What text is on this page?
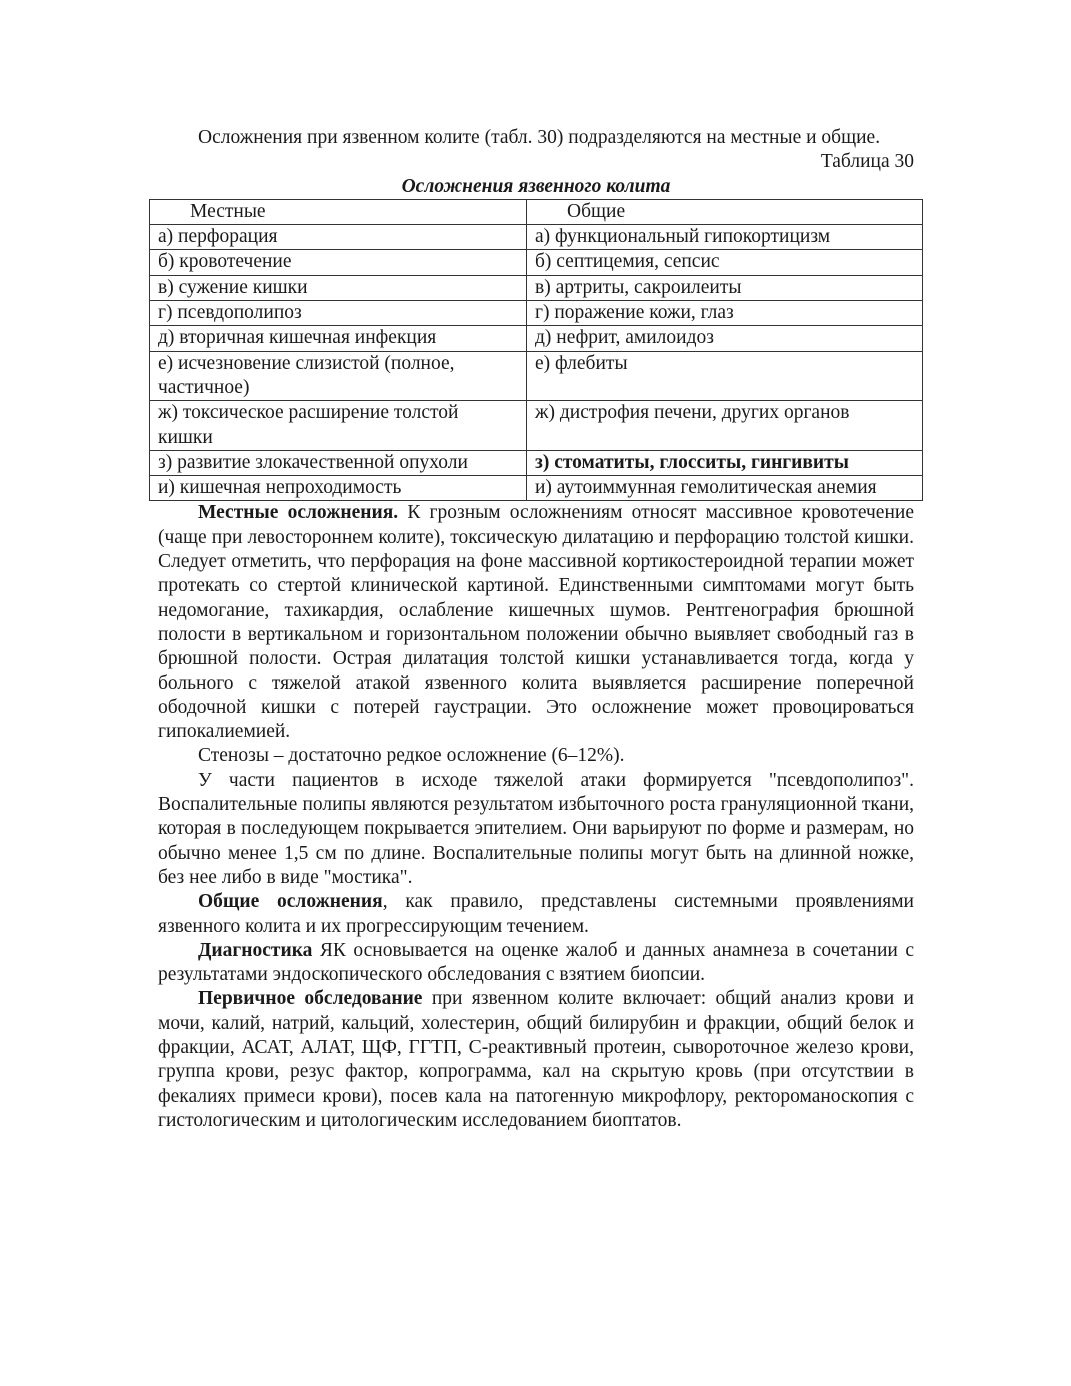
Осложнения при язвенном колите (табл. 30) подразделяются на местные и общие.

Таблица 30
Осложнения язвенного колита
Местные	Общие
а) перфорация	а) функциональный гипокортицизм
б) кровотечение	б) септицемия, сепсис
в) сужение кишки	в) артриты, сакроилеиты
г) псевдополипоз	г) поражение кожи, глаз
д) вторичная кишечная инфекция	д) нефрит, амилоидоз
е) исчезновение слизистой (полное, частичное)	е) флебиты
ж) токсическое расширение толстой кишки	ж) дистрофия печени, других органов
з) развитие злокачественной опухоли	з) стоматиты, глосситы, гингивиты
и) кишечная непроходимость	и) аутоиммунная гемолитическая анемия

Местные осложнения. К грозным осложнениям относят массивное кровотечение (чаще при левостороннем колите), токсическую дилатацию и перфорацию толстой кишки. Следует отметить, что перфорация на фоне массивной кортикостероидной терапии может протекать со стертой клинической картиной. Единственными симптомами могут быть недомогание, тахикардия, ослабление кишечных шумов. Рентгенография брюшной полости в вертикальном и горизонтальном положении обычно выявляет свободный газ в брюшной полости. Острая дилатация толстой кишки устанавливается тогда, когда у больного с тяжелой атакой язвенного колита выявляется расширение поперечной ободочной кишки с потерей гаустрации. Это осложнение может провоцироваться гипокалиемией.

Стенозы – достаточно редкое осложнение (6–12%).

У части пациентов в исходе тяжелой атаки формируется "псевдополипоз". Воспалительные полипы являются результатом избыточного роста грануляционной ткани, которая в последующем покрывается эпителием. Они варьируют по форме и размерам, но обычно менее 1,5 см по длине. Воспалительные полипы могут быть на длинной ножке, без нее либо в виде "мостика".

Общие осложнения, как правило, представлены системными проявлениями язвенного колита и их прогрессирующим течением.

Диагностика ЯК основывается на оценке жалоб и данных анамнеза в сочетании с результатами эндоскопического обследования с взятием биопсии.

Первичное обследование при язвенном колите включает: общий анализ крови и мочи, калий, натрий, кальций, холестерин, общий билирубин и фракции, общий белок и фракции, АСАТ, АЛАТ, ЩФ, ГГТП, С-реактивный протеин, сывороточное железо крови, группа крови, резус фактор, копрограмма, кал на скрытую кровь (при отсутствии в фекалиях примеси крови), посев кала на патогенную микрофлору, ректороманоскопия с гистологическим и цитологическим исследованием биоптатов.
